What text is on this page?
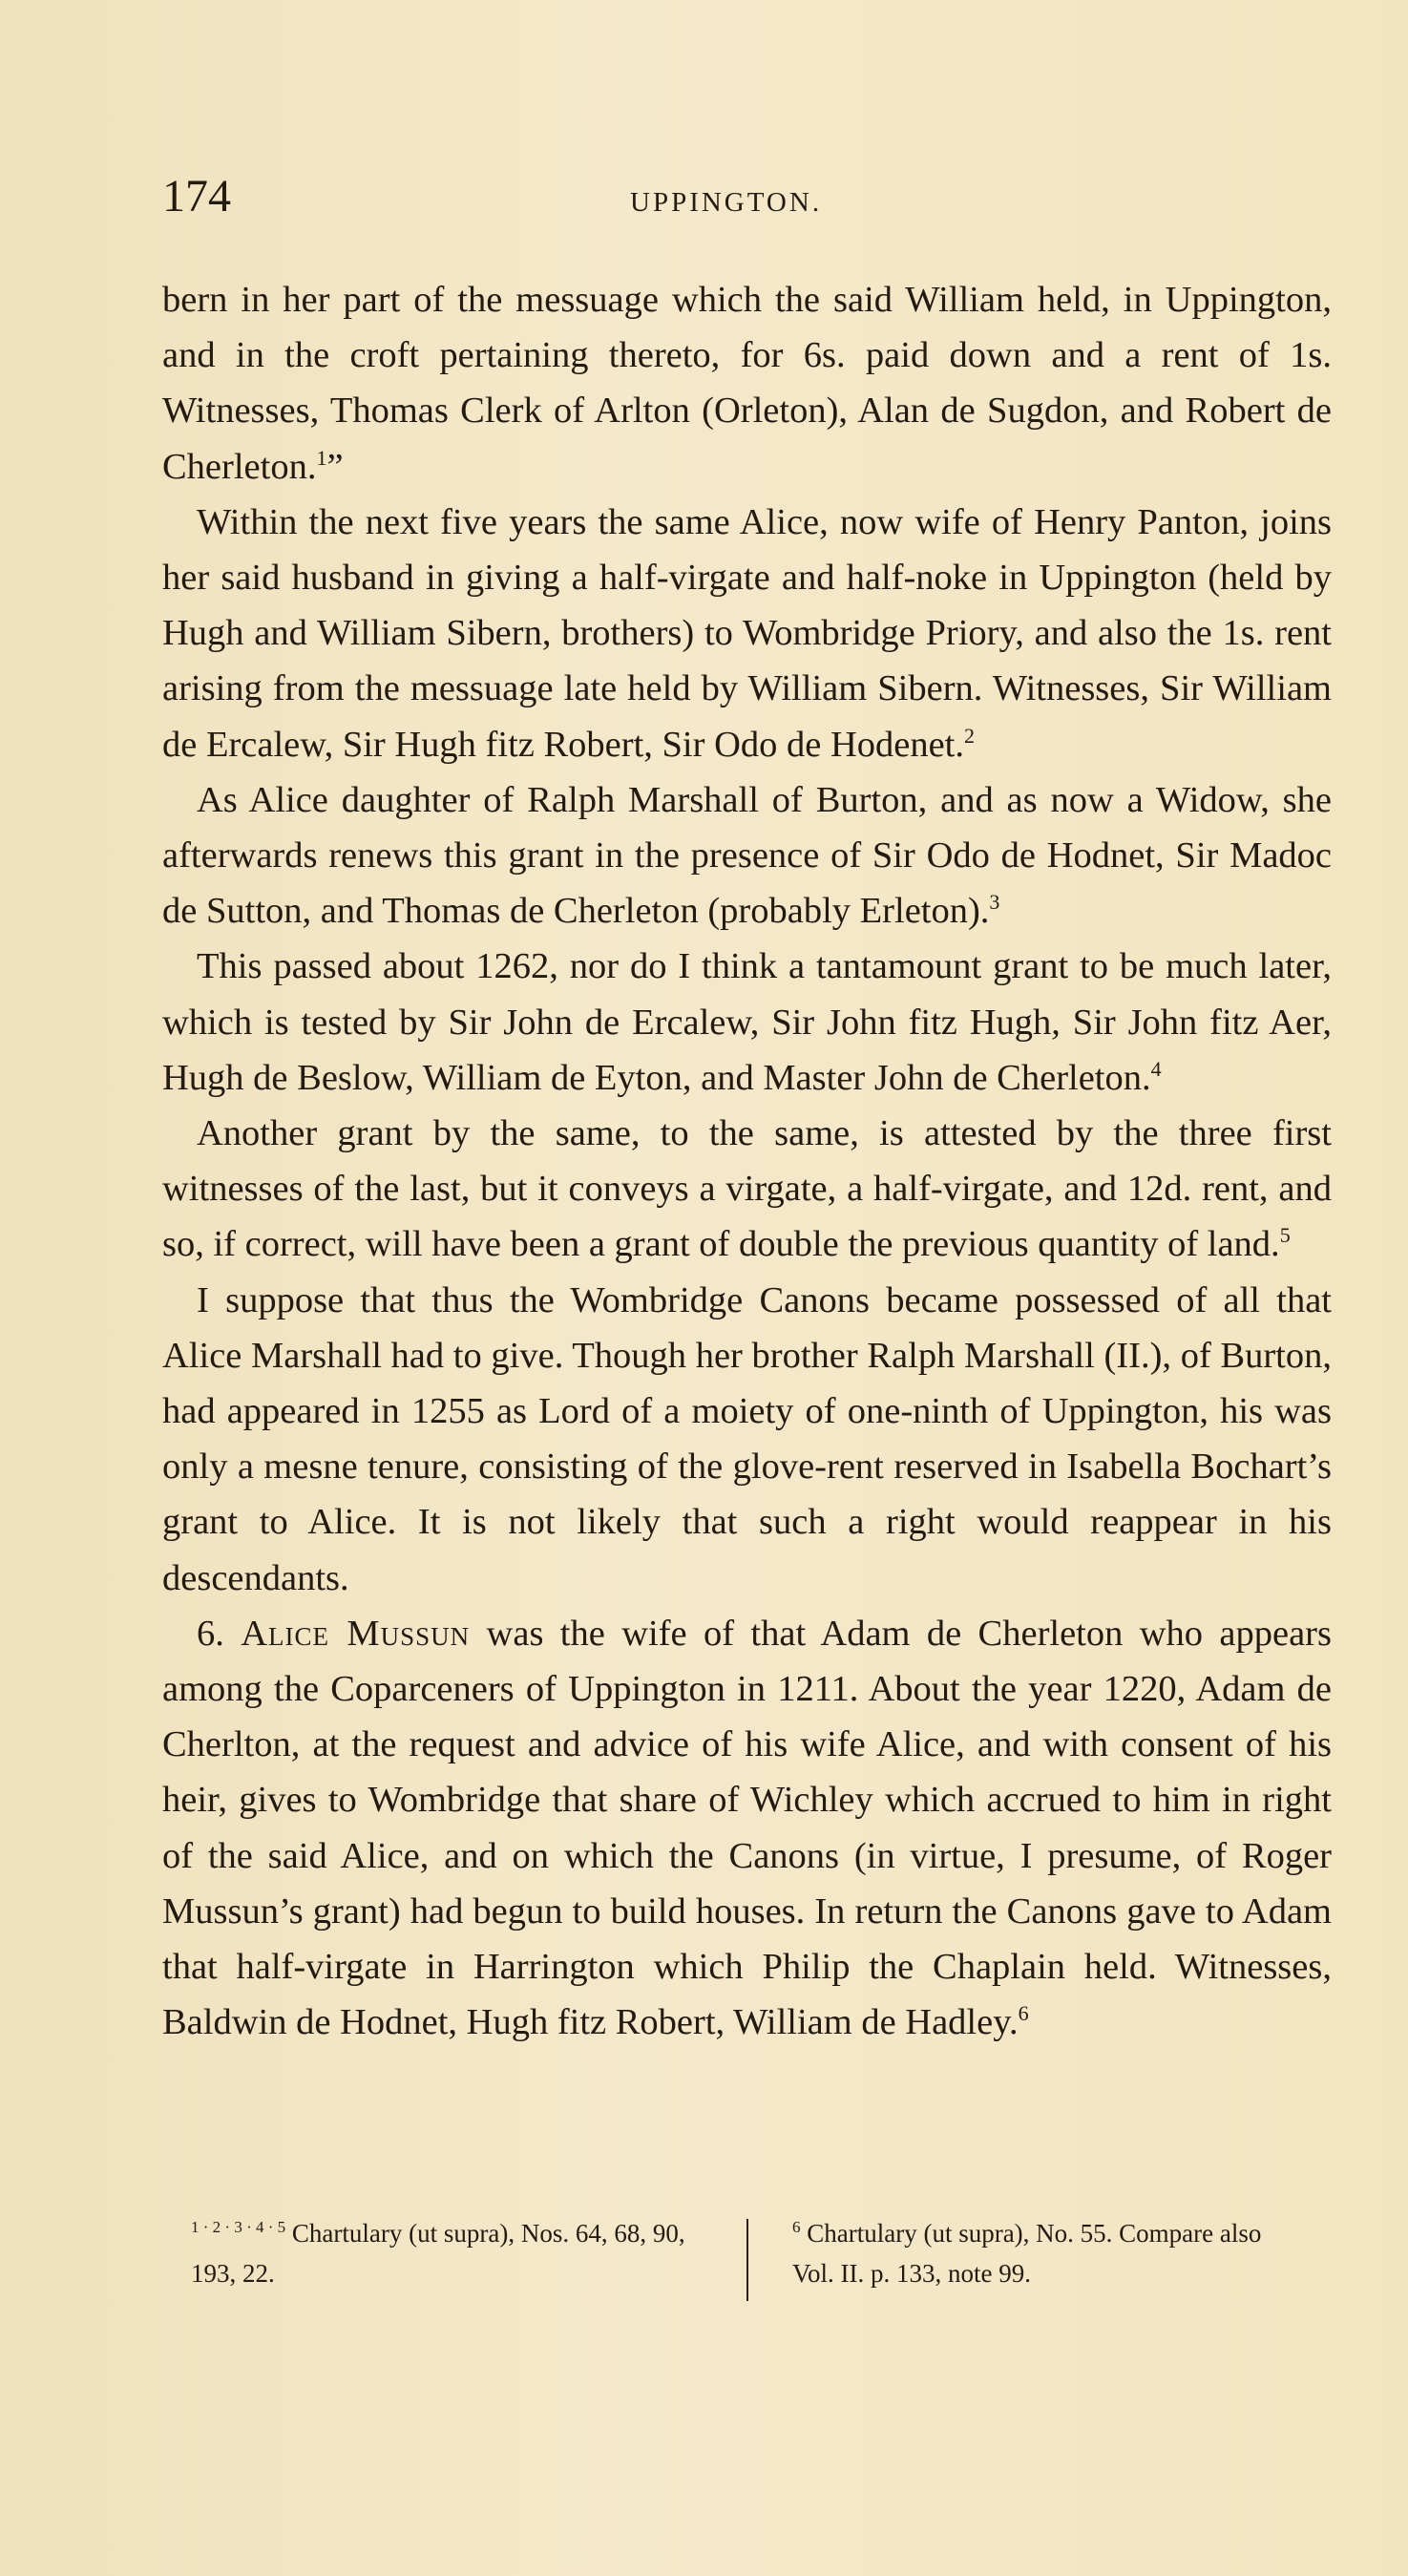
174	UPPINGTON.

bern in her part of the messuage which the said William held, in Uppington, and in the croft pertaining thereto, for 6s. paid down and a rent of 1s. Witnesses, Thomas Clerk of Arlton (Orleton), Alan de Sugdon, and Robert de Cherleton.$^1$”

Within the next five years the same Alice, now wife of Henry Panton, joins her said husband in giving a half-virgate and half-noke in Uppington (held by Hugh and William Sibern, brothers) to Wombridge Priory, and also the 1s. rent arising from the messuage late held by William Sibern. Witnesses, Sir William de Ercalew, Sir Hugh fitz Robert, Sir Odo de Hodenet.$^2$

As Alice daughter of Ralph Marshall of Burton, and as now a Widow, she afterwards renews this grant in the presence of Sir Odo de Hodnet, Sir Madoc de Sutton, and Thomas de Cherleton (probably Erleton).$^3$

This passed about 1262, nor do I think a tantamount grant to be much later, which is tested by Sir John de Ercalew, Sir John fitz Hugh, Sir John fitz Aer, Hugh de Beslow, William de Eyton, and Master John de Cherleton.$^4$

Another grant by the same, to the same, is attested by the three first witnesses of the last, but it conveys a virgate, a half-virgate, and 12d. rent, and so, if correct, will have been a grant of double the previous quantity of land.$^5$

I suppose that thus the Wombridge Canons became possessed of all that Alice Marshall had to give. Though her brother Ralph Marshall (II.), of Burton, had appeared in 1255 as Lord of a moiety of one-ninth of Uppington, his was only a mesne tenure, consisting of the glove-rent reserved in Isabella Bochart’s grant to Alice. It is not likely that such a right would reappear in his descendants.

6. Alice Mussun was the wife of that Adam de Cherleton who appears among the Coparceners of Uppington in 1211. About the year 1220, Adam de Cherlton, at the request and advice of his wife Alice, and with consent of his heir, gives to Wombridge that share of Wichley which accrued to him in right of the said Alice, and on which the Canons (in virtue, I presume, of Roger Mussun’s grant) had begun to build houses. In return the Canons gave to Adam that half-virgate in Harrington which Philip the Chaplain held. Witnesses, Baldwin de Hodnet, Hugh fitz Robert, William de Hadley.$^6$

$^{1 \cdot 2 \cdot 3 \cdot 4 \cdot 5}$ Chartulary (ut supra), Nos. 64, 68, 90, 193, 22.
$^6$ Chartulary (ut supra), No. 55. Compare also Vol. II. p. 133, note 99.
